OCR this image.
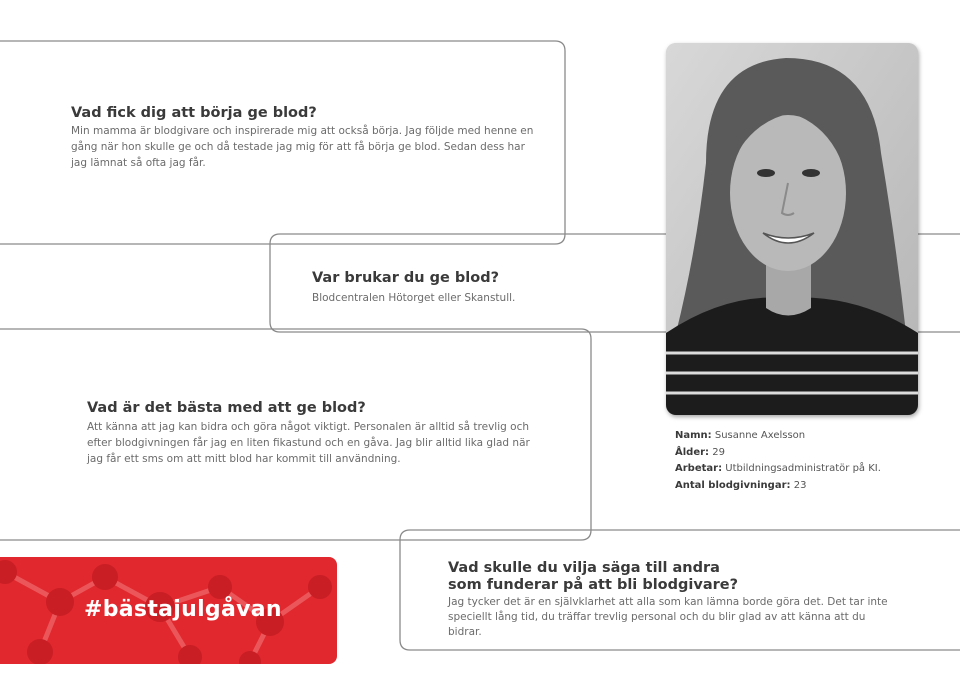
Vad fick dig att börja ge blod?

Min mamma är blodgivare och inspirerade mig att också börja. Jag följde med henne en gång när hon skulle ge och då testade jag mig för att få börja ge blod. Sedan dess har jag lämnat så ofta jag får.

Var brukar du ge blod?

Blodcentralen Hötorget eller Skanstull.

Vad är det bästa med att ge blod?

Att känna att jag kan bidra och göra något viktigt. Personalen är alltid så trevlig och efter blodgivningen får jag en liten fikastund och en gåva. Jag blir alltid lika glad när jag får ett sms om att mitt blod har kommit till användning.

Namn: Susanne Axelsson
Ålder: 29
Arbetar: Utbildningsadministratör på KI.
Antal blodgivningar: 23
#bästajulgåvan

Vad skulle du vilja säga till andra

som funderar på att bli blodgivare?

Jag tycker det är en självklarhet att alla som kan lämna borde göra det. Det tar inte speciellt lång tid, du träffar trevlig personal och du blir glad av att känna att du bidrar.
